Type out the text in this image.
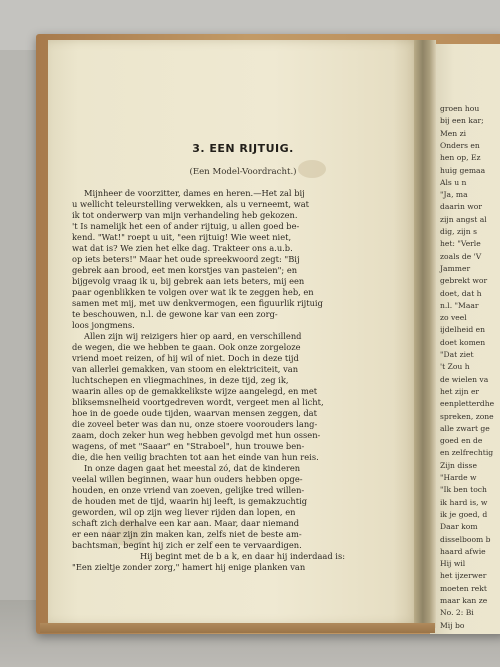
groen hou
bij een kar;
Men zi
Onders en
hen op, Ez
huig gemaa
Als u n
"Ja, ma
daarin wor
zijn angst al
dig, zijn s
het: "Verle
zoals de 'V
Jammer
gebrekt wor
doet, dat h
n.l. "Maar
zo veel
ijdelheid en
doet komen
"Dat ziet
't Zou h
de wielen va
het zijn er
eenpletterdhe
spreken, zone
alle zwart ge
goed en de
en zelfrechtig
Zijn disse
"Harde w
"Ik ben toch
ik hard is, w
ik je goed, d
Daar kom
disselboom b
haard afwie
Hij wil
het ijzerwer
moeten rekt
maar kan ze
No. 2: Bi
Mij bo
3. EEN RIJTUIG.
(Een Model-Voordracht.)
Mijnheer de voorzitter, dames en heren.—Het zal bij
u wellicht teleurstelling verwekken, als u verneemt, wat
ik tot onderwerp van mijn verhandeling heb gekozen.
't Is namelijk het een of ander rijtuig, u allen goed be-
kend. "Wat!" roept u uit, "een rijtuig! Wie weet niet,
wat dat is? We zien het elke dag. Trakteer ons a.u.b.
op iets beters!" Maar het oude spreekwoord zegt: "Bij
gebrek aan brood, eet men korstjes van pasteien"; en
bijgevolg vraag ik u, bij gebrek aan iets beters, mij een
paar ogenblikken te volgen over wat ik te zeggen heb, en
samen met mij, met uw denkvermogen, een figuurlik rijtuig
te beschouwen, n.l. de gewone kar van een zorg-
loos jongmens.
Allen zijn wij reizigers hier op aard, en verschillend
de wegen, die we hebben te gaan. Ook onze zorgeloze
vriend moet reizen, of hij wil of niet. Doch in deze tijd
van allerlei gemakken, van stoom en elektriciteit, van
luchtschepen en vliegmachines, in deze tijd, zeg ik,
waarin alles op de gemakkelikste wijze aangelegd, en met
bliksemsnelheid voortgedreven wordt, vergeet men al licht,
hoe in de goede oude tijden, waarvan mensen zeggen, dat
die zoveel beter was dan nu, onze stoere voorouders lang-
zaam, doch zeker hun weg hebben gevolgd met hun ossen-
wagens, of met "Saaar" en "Straboel", hun trouwe ben-
die, die hen veilig brachten tot aan het einde van hun reis.
In onze dagen gaat het meestal zó, dat de kinderen
veelal willen beginnen, waar hun ouders hebben opge-
houden, en onze vriend van zoeven, gelijke tred willen-
de houden met de tijd, waarin hij leeft, is gemakzuchtig
geworden, wil op zijn weg liever rijden dan lopen, en
schaft zich derhalve een kar aan. Maar, daar niemand
er een naar zijn zin maken kan, zelfs niet de beste am-
bachtsman, begint hij zich er zelf een te vervaardigen.
Hij begint met de b a k, en daar hij inderdaad is:
"Een zieltje zonder zorg," hamert hij enige planken van
